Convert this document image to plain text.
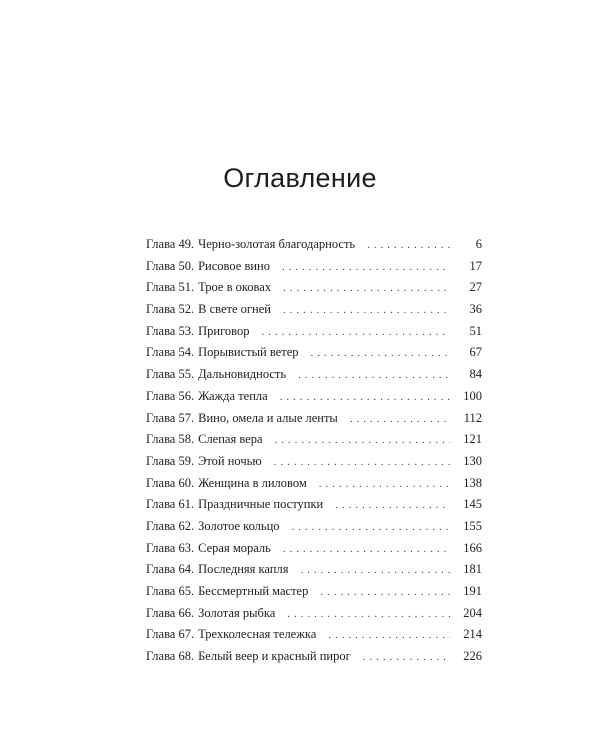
Оглавление
Глава 49. Черно-золотая благодарность . . .	6
Глава 50. Рисовое вино . . .	17
Глава 51. Трое в оковах . . .	27
Глава 52. В свете огней . . .	36
Глава 53. Приговор . . .	51
Глава 54. Порывистый ветер . . .	67
Глава 55. Дальновидность . . .	84
Глава 56. Жажда тепла . . .	100
Глава 57. Вино, омела и алые ленты . . .	112
Глава 58. Слепая вера . . .	121
Глава 59. Этой ночью . . .	130
Глава 60. Женщина в лиловом . . .	138
Глава 61. Праздничные поступки . . .	145
Глава 62. Золотое кольцо . . .	155
Глава 63. Серая мораль . . .	166
Глава 64. Последняя капля . . .	181
Глава 65. Бессмертный мастер . . .	191
Глава 66. Золотая рыбка . . .	204
Глава 67. Трехколесная тележка . . .	214
Глава 68. Белый веер и красный пирог . . .	226
